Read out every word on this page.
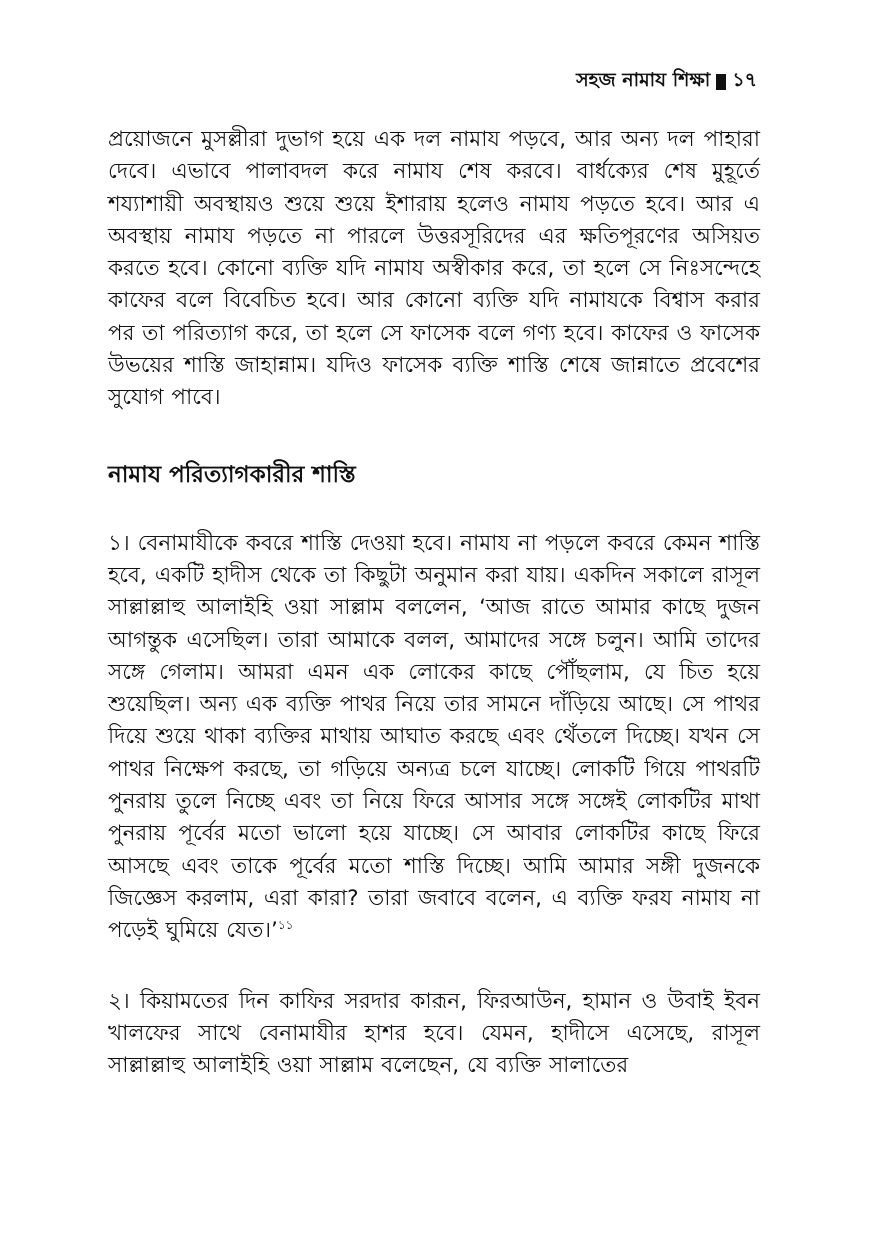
সহজ নামায শিক্ষা ১৭

প্রয়োজনে মুসল্লীরা দুভাগ হয়ে এক দল নামায পড়বে, আর অন্য দল পাহারা দেবে। এভাবে পালাবদল করে নামায শেষ করবে। বার্ধক্যের শেষ মুহূর্তে শয্যাশায়ী অবস্থায়ও শুয়ে শুয়ে ইশারায় হলেও নামায পড়তে হবে। আর এ অবস্থায় নামায পড়তে না পারলে উত্তরসূরিদের এর ক্ষতিপূরণের অসিয়ত করতে হবে। কোনো ব্যক্তি যদি নামায অস্বীকার করে, তা হলে সে নিঃসন্দেহে কাফের বলে বিবেচিত হবে। আর কোনো ব্যক্তি যদি নামাযকে বিশ্বাস করার পর তা পরিত্যাগ করে, তা হলে সে ফাসেক বলে গণ্য হবে। কাফের ও ফাসেক উভয়ের শাস্তি জাহান্নাম। যদিও ফাসেক ব্যক্তি শাস্তি শেষে জান্নাতে প্রবেশের সুযোগ পাবে।

নামায পরিত্যাগকারীর শাস্তি

১। বেনামাযীকে কবরে শাস্তি দেওয়া হবে। নামায না পড়লে কবরে কেমন শাস্তি হবে, একটি হাদীস থেকে তা কিছুটা অনুমান করা যায়। একদিন সকালে রাসূল সাল্লাল্লাহু আলাইহি ওয়া সাল্লাম বললেন, ‘আজ রাতে আমার কাছে দুজন আগন্তুক এসেছিল। তারা আমাকে বলল, আমাদের সঙ্গে চলুন। আমি তাদের সঙ্গে গেলাম। আমরা এমন এক লোকের কাছে পৌঁছলাম, যে চিত হয়ে শুয়েছিল। অন্য এক ব্যক্তি পাথর নিয়ে তার সামনে দাঁড়িয়ে আছে। সে পাথর দিয়ে শুয়ে থাকা ব্যক্তির মাথায় আঘাত করছে এবং থেঁতলে দিচ্ছে। যখন সে পাথর নিক্ষেপ করছে, তা গড়িয়ে অন্যত্র চলে যাচ্ছে। লোকটি গিয়ে পাথরটি পুনরায় তুলে নিচ্ছে এবং তা নিয়ে ফিরে আসার সঙ্গে সঙ্গেই লোকটির মাথা পুনরায় পূর্বের মতো ভালো হয়ে যাচ্ছে। সে আবার লোকটির কাছে ফিরে আসছে এবং তাকে পূর্বের মতো শাস্তি দিচ্ছে। আমি আমার সঙ্গী দুজনকে জিজ্ঞেস করলাম, এরা কারা? তারা জবাবে বলেন, এ ব্যক্তি ফরয নামায না পড়েই ঘুমিয়ে যেত।’$^{১১}$

২। কিয়ামতের দিন কাফির সরদার কারূন, ফিরআউন, হামান ও উবাই ইবন খালফের সাথে বেনামাযীর হাশর হবে। যেমন, হাদীসে এসেছে, রাসূল সাল্লাল্লাহু আলাইহি ওয়া সাল্লাম বলেছেন, যে ব্যক্তি সালাতের
